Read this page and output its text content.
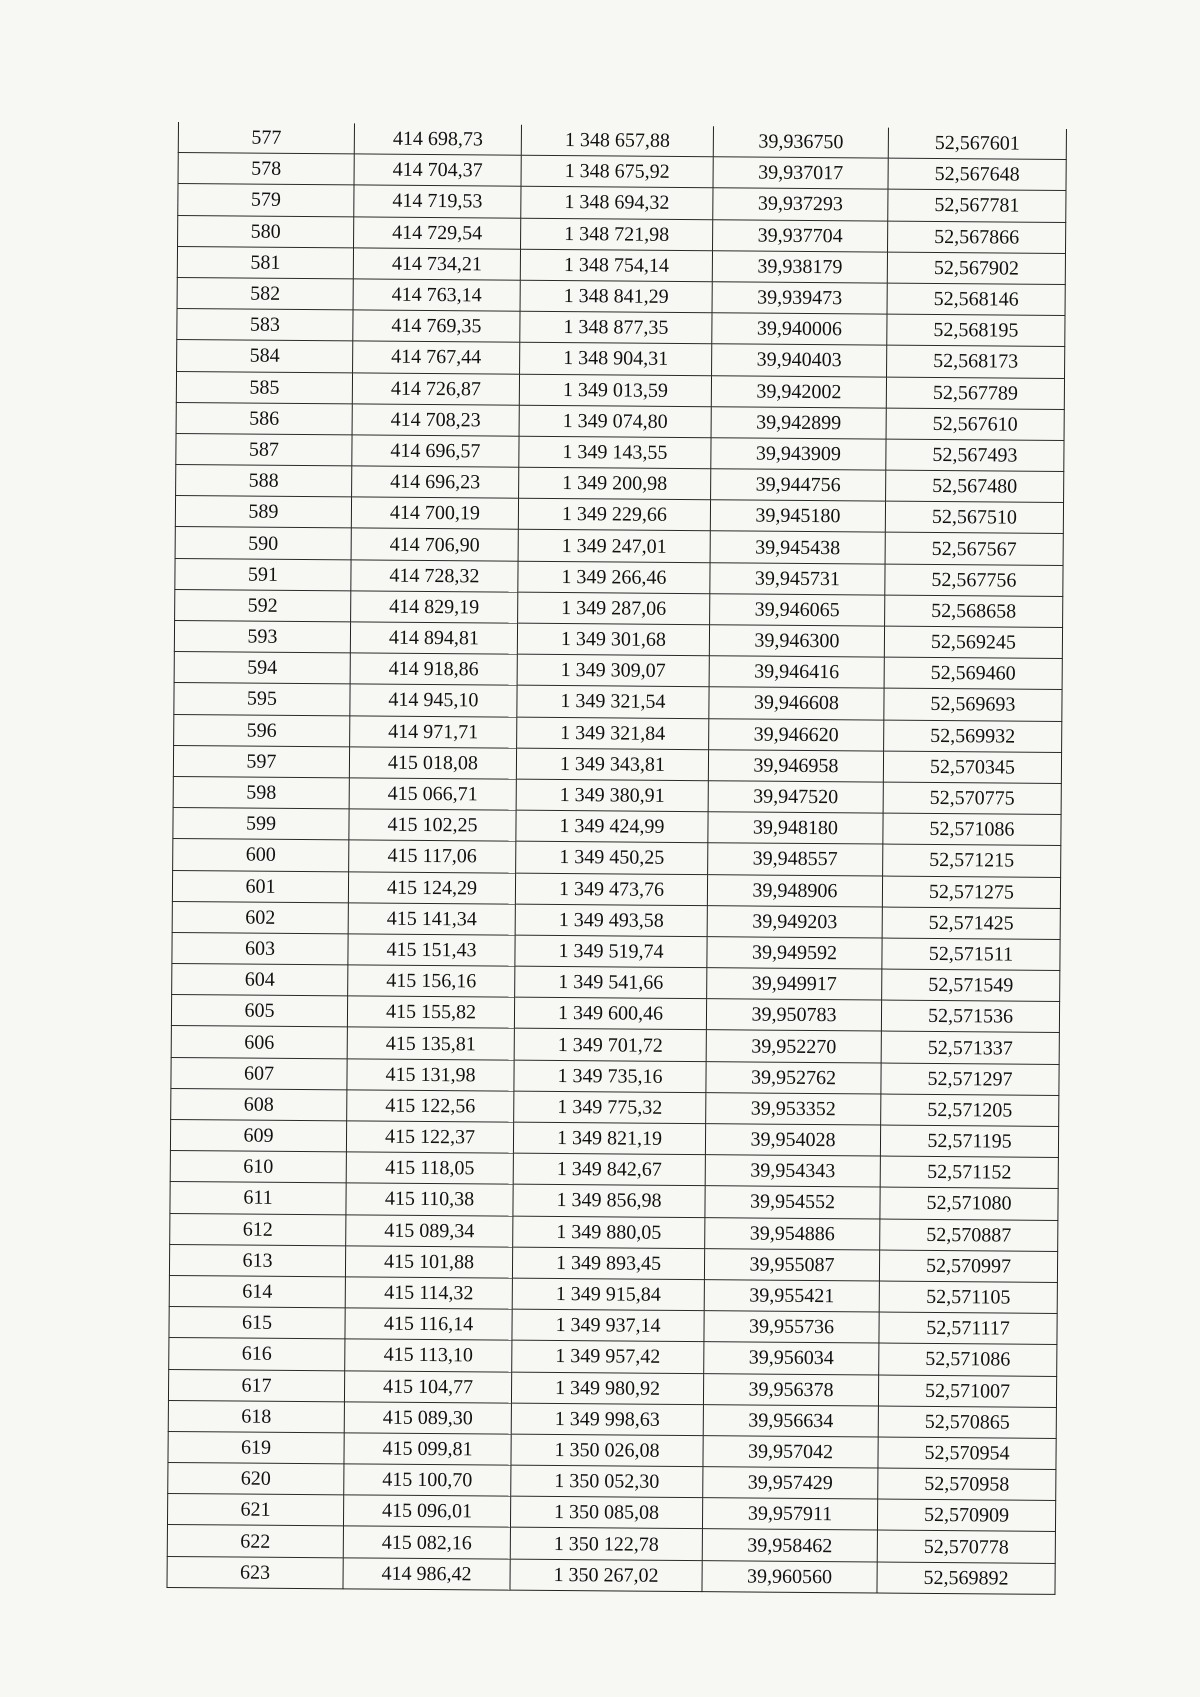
577	414 698,73	1 348 657,88	39,936750	52,567601
578	414 704,37	1 348 675,92	39,937017	52,567648
579	414 719,53	1 348 694,32	39,937293	52,567781
580	414 729,54	1 348 721,98	39,937704	52,567866
581	414 734,21	1 348 754,14	39,938179	52,567902
582	414 763,14	1 348 841,29	39,939473	52,568146
583	414 769,35	1 348 877,35	39,940006	52,568195
584	414 767,44	1 348 904,31	39,940403	52,568173
585	414 726,87	1 349 013,59	39,942002	52,567789
586	414 708,23	1 349 074,80	39,942899	52,567610
587	414 696,57	1 349 143,55	39,943909	52,567493
588	414 696,23	1 349 200,98	39,944756	52,567480
589	414 700,19	1 349 229,66	39,945180	52,567510
590	414 706,90	1 349 247,01	39,945438	52,567567
591	414 728,32	1 349 266,46	39,945731	52,567756
592	414 829,19	1 349 287,06	39,946065	52,568658
593	414 894,81	1 349 301,68	39,946300	52,569245
594	414 918,86	1 349 309,07	39,946416	52,569460
595	414 945,10	1 349 321,54	39,946608	52,569693
596	414 971,71	1 349 321,84	39,946620	52,569932
597	415 018,08	1 349 343,81	39,946958	52,570345
598	415 066,71	1 349 380,91	39,947520	52,570775
599	415 102,25	1 349 424,99	39,948180	52,571086
600	415 117,06	1 349 450,25	39,948557	52,571215
601	415 124,29	1 349 473,76	39,948906	52,571275
602	415 141,34	1 349 493,58	39,949203	52,571425
603	415 151,43	1 349 519,74	39,949592	52,571511
604	415 156,16	1 349 541,66	39,949917	52,571549
605	415 155,82	1 349 600,46	39,950783	52,571536
606	415 135,81	1 349 701,72	39,952270	52,571337
607	415 131,98	1 349 735,16	39,952762	52,571297
608	415 122,56	1 349 775,32	39,953352	52,571205
609	415 122,37	1 349 821,19	39,954028	52,571195
610	415 118,05	1 349 842,67	39,954343	52,571152
611	415 110,38	1 349 856,98	39,954552	52,571080
612	415 089,34	1 349 880,05	39,954886	52,570887
613	415 101,88	1 349 893,45	39,955087	52,570997
614	415 114,32	1 349 915,84	39,955421	52,571105
615	415 116,14	1 349 937,14	39,955736	52,571117
616	415 113,10	1 349 957,42	39,956034	52,571086
617	415 104,77	1 349 980,92	39,956378	52,571007
618	415 089,30	1 349 998,63	39,956634	52,570865
619	415 099,81	1 350 026,08	39,957042	52,570954
620	415 100,70	1 350 052,30	39,957429	52,570958
621	415 096,01	1 350 085,08	39,957911	52,570909
622	415 082,16	1 350 122,78	39,958462	52,570778
623	414 986,42	1 350 267,02	39,960560	52,569892
